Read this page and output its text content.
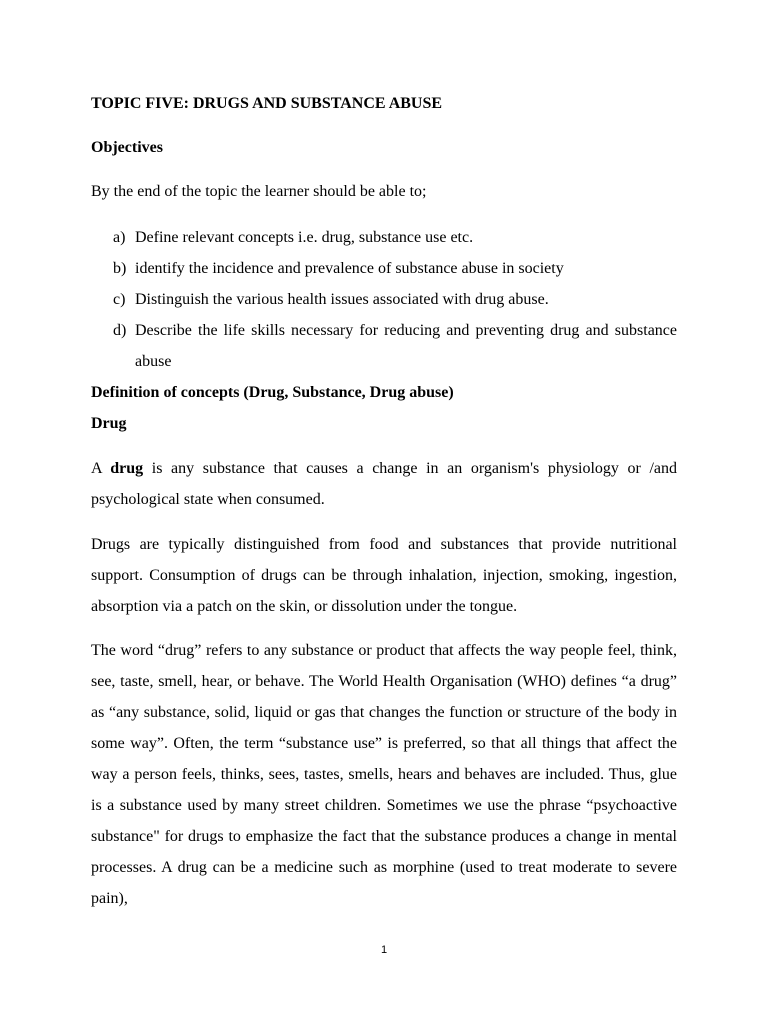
TOPIC FIVE: DRUGS AND SUBSTANCE ABUSE

Objectives

By the end of the topic the learner should be able to;

a) Define relevant concepts i.e. drug, substance use etc.
b) identify the incidence and prevalence of substance abuse in society
c) Distinguish the various health issues associated with drug abuse.
d) Describe the life skills necessary for reducing and preventing drug and substance abuse

Definition of concepts (Drug, Substance, Drug abuse)

Drug

A drug is any substance that causes a change in an organism's physiology or /and psychological state when consumed.

Drugs are typically distinguished from food and substances that provide nutritional support. Consumption of drugs can be through inhalation, injection, smoking, ingestion, absorption via a patch on the skin, or dissolution under the tongue.

The word “drug” refers to any substance or product that affects the way people feel, think, see, taste, smell, hear, or behave. The World Health Organisation (WHO) defines “a drug” as “any substance, solid, liquid or gas that changes the function or structure of the body in some way”. Often, the term “substance use” is preferred, so that all things that affect the way a person feels, thinks, sees, tastes, smells, hears and behaves are included. Thus, glue is a substance used by many street children. Sometimes we use the phrase “psychoactive substance" for drugs to emphasize the fact that the substance produces a change in mental processes. A drug can be a medicine such as morphine (used to treat moderate to severe pain),

1
